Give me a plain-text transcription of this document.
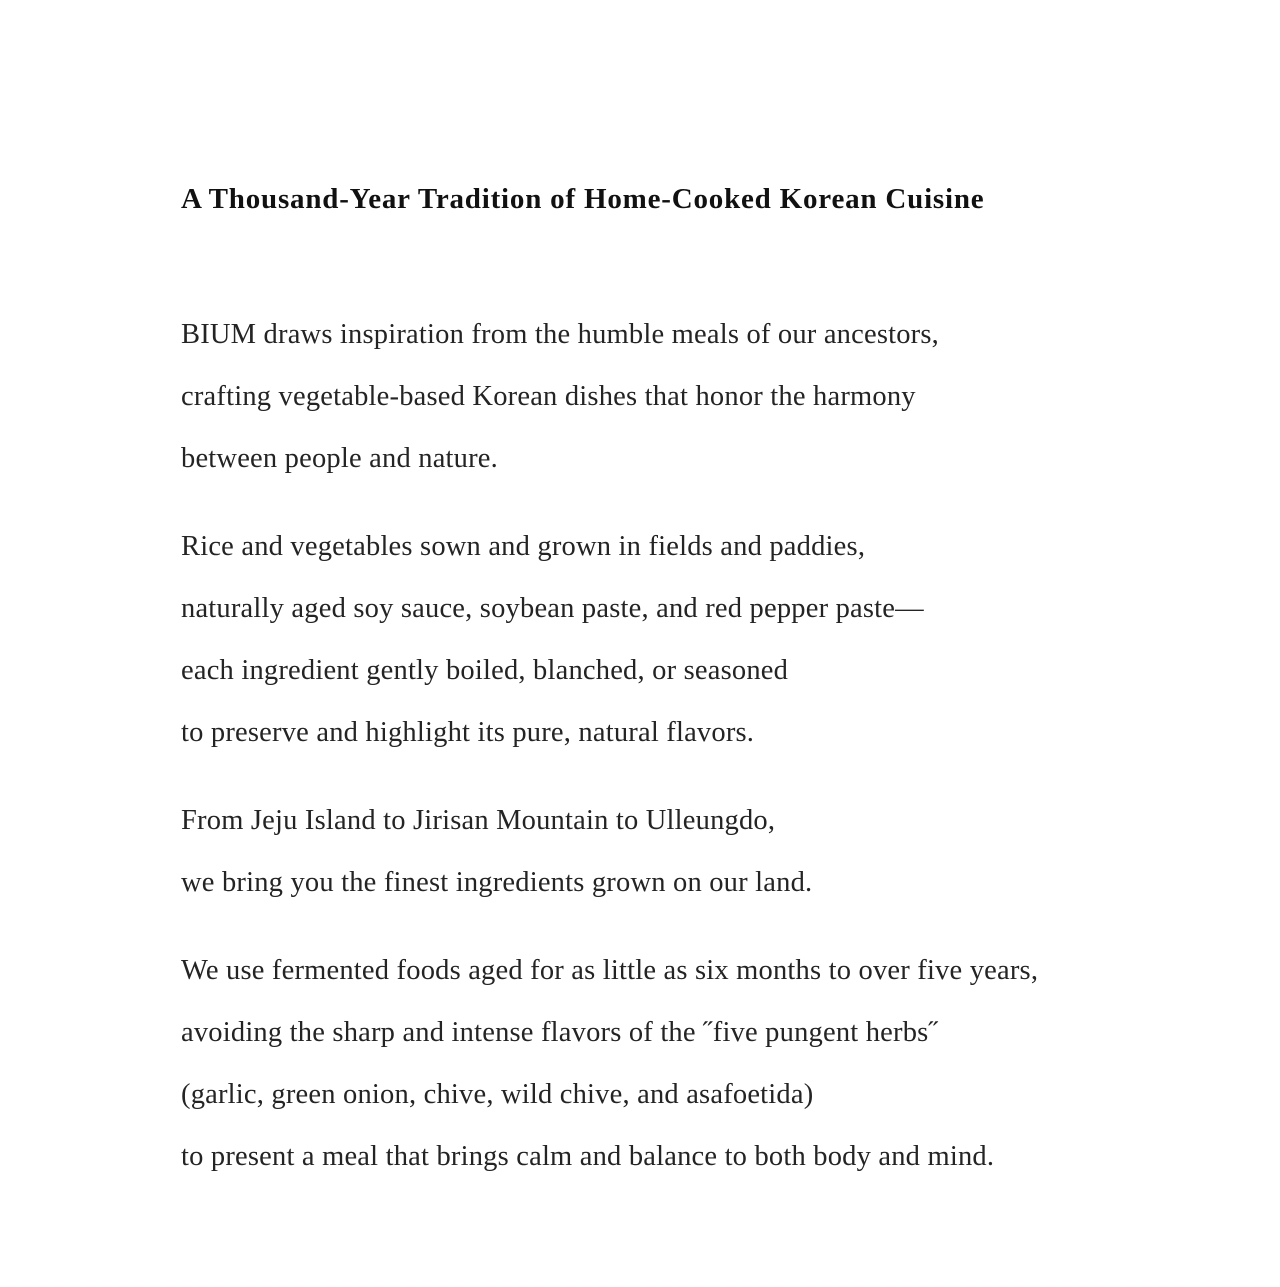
A Thousand-Year Tradition of Home-Cooked Korean Cuisine
BIUM draws inspiration from the humble meals of our ancestors,
crafting vegetable-based Korean dishes that honor the harmony
between people and nature.
Rice and vegetables sown and grown in fields and paddies,
naturally aged soy sauce, soybean paste, and red pepper paste—
each ingredient gently boiled, blanched, or seasoned
to preserve and highlight its pure, natural flavors.
From Jeju Island to Jirisan Mountain to Ulleungdo,
we bring you the finest ingredients grown on our land.
We use fermented foods aged for as little as six months to over five years,
avoiding the sharp and intense flavors of the ˝five pungent herbs˝
(garlic, green onion, chive, wild chive, and asafoetida)
to present a meal that brings calm and balance to both body and mind.
